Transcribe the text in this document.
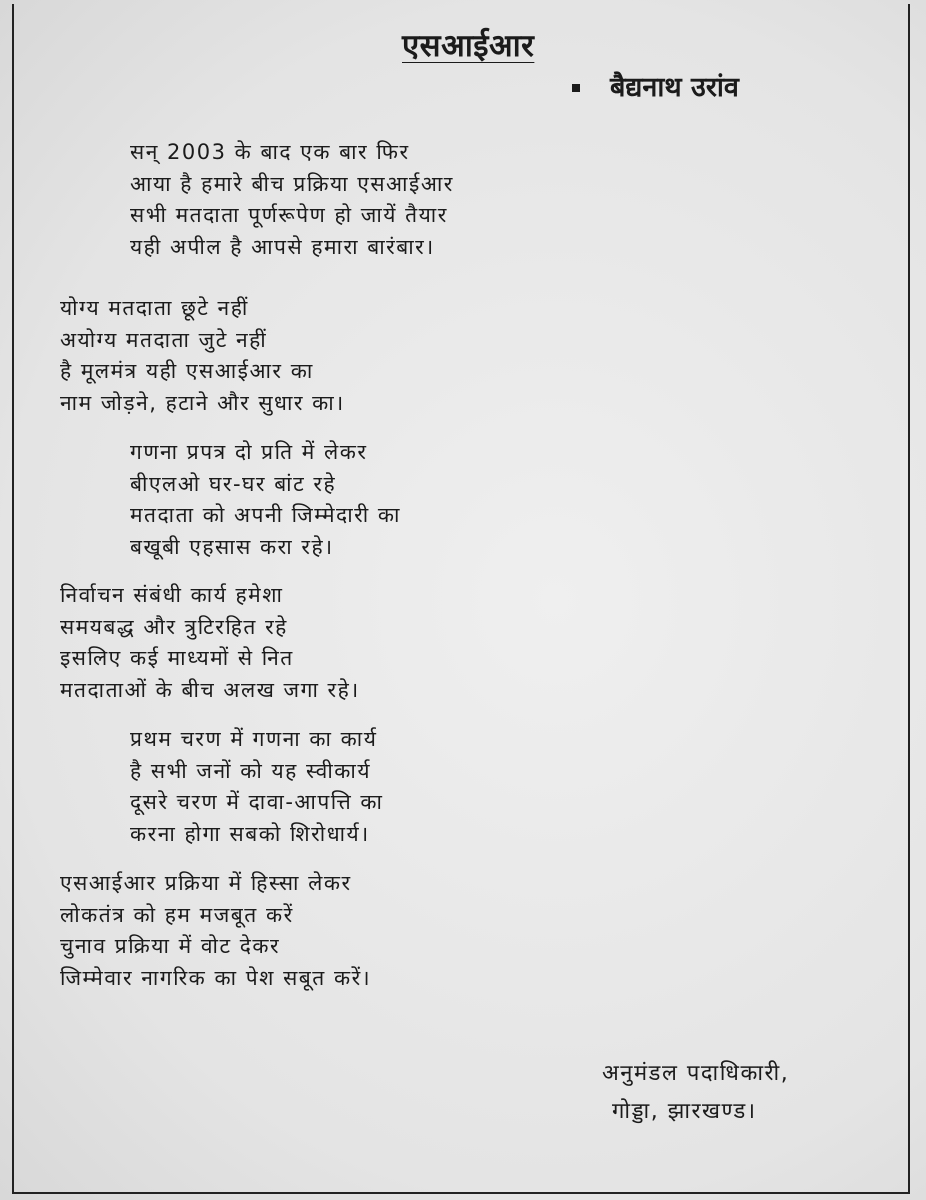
एसआईआर
बैद्यनाथ उरांव
सन् 2003 के बाद एक बार फिर
आया है हमारे बीच प्रक्रिया एसआईआर
सभी मतदाता पूर्णरूपेण हो जायें तैयार
यही अपील है आपसे हमारा बारंबार।
योग्य मतदाता छूटे नहीं
अयोग्य मतदाता जुटे नहीं
है मूलमंत्र यही एसआईआर का
नाम जोड़ने, हटाने और सुधार का।
गणना प्रपत्र दो प्रति में लेकर
बीएलओ घर-घर बांट रहे
मतदाता को अपनी जिम्मेदारी का
बखूबी एहसास करा रहे।
निर्वाचन संबंधी कार्य हमेशा
समयबद्ध और त्रुटिरहित रहे
इसलिए कई माध्यमों से नित
मतदाताओं के बीच अलख जगा रहे।
प्रथम चरण में गणना का कार्य
है सभी जनों को यह स्वीकार्य
दूसरे चरण में दावा-आपत्ति का
करना होगा सबको शिरोधार्य।
एसआईआर प्रक्रिया में हिस्सा लेकर
लोकतंत्र को हम मजबूत करें
चुनाव प्रक्रिया में वोट देकर
जिम्मेवार नागरिक का पेश सबूत करें।
अनुमंडल पदाधिकारी,
गोड्डा, झारखण्ड।
